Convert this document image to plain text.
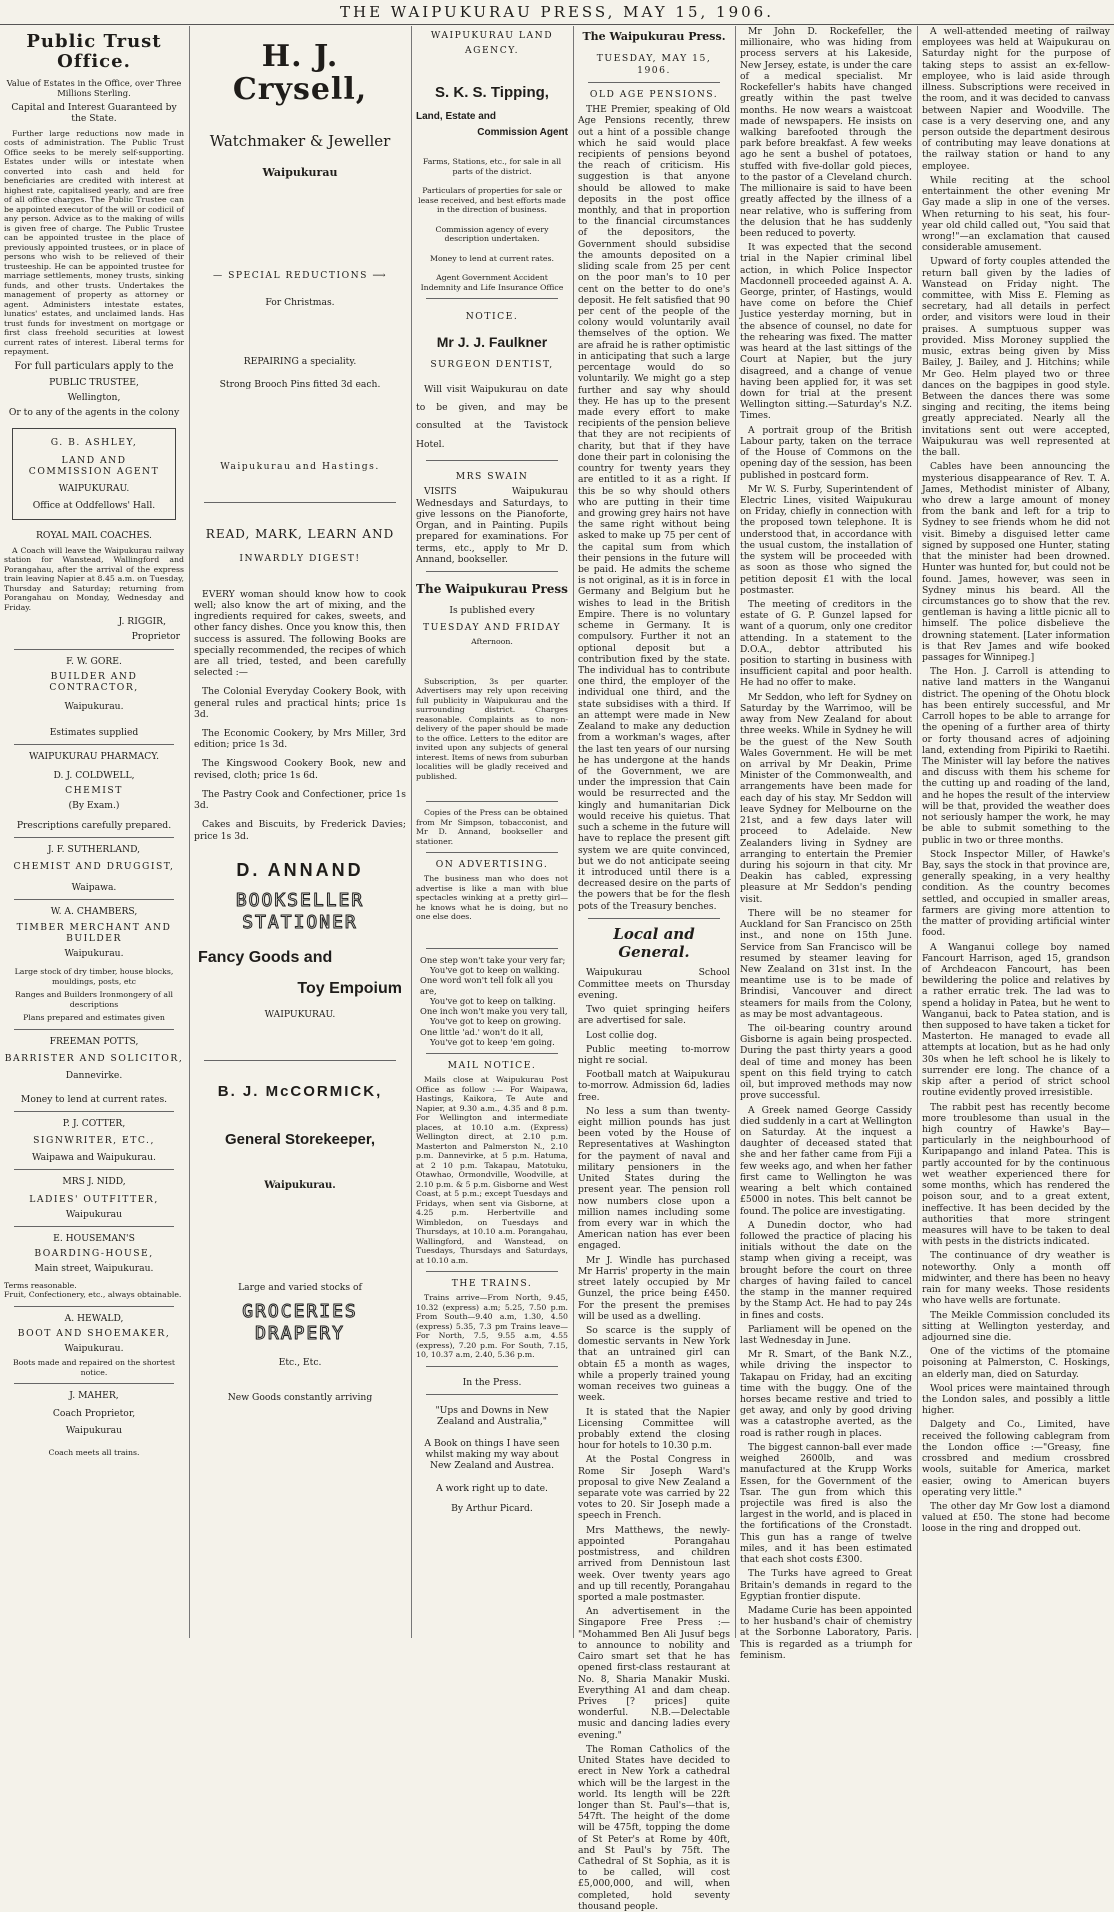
THE WAIPUKURAU PRESS, MAY 15, 1906.
Public Trust Office.
Value of Estates in the Office, over Three Millions Sterling.
Capital and Interest Guaranteed by the State.

Further large reductions now made in costs of administration. The Public Trust Office seeks to be merely self-supporting. Estates under wills or intestate when converted into cash and held for beneficiaries are credited with interest at highest rate, capitalised yearly, and are free of all office charges. The Public Trustee can be appointed executor of the will or codicil of any person. Advice as to the making of wills is given free of charge. The Public Trustee can be appointed trustee in the place of previously appointed trustees, or in place of persons who wish to be relieved of their trusteeship. He can be appointed trustee for marriage settlements, money trusts, sinking funds, and other trusts. Undertakes the management of property as attorney or agent. Administers intestate estates, lunatics' estates, and unclaimed lands. Has trust funds for investment on mortgage or first class freehold securities at lowest current rates of interest. Liberal terms for repayment.

For full particulars apply to the
PUBLIC TRUSTEE,
Wellington,
Or to any of the agents in the colony
G. B. ASHLEY,
LAND AND
COMMISSION AGENT
WAIPUKURAU.
Office at Oddfellows' Hall.
ROYAL MAIL COACHES.

A Coach will leave the Waipukurau railway station for Wanstead, Wallingford and Porangahau, after the arrival of the express train leaving Napier at 8.45 a.m. on Tuesday, Thursday and Saturday; returning from Porangahau on Monday, Wednesday and Friday.

J. RIGGIR,
Proprietor
F. W. GORE.
BUILDER AND CONTRACTOR,
Waipukurau.
Estimates supplied
WAIPUKURAU PHARMACY.
D. J. COLDWELL,
CHEMIST
(By Exam.)
Prescriptions carefully prepared.
J. F. SUTHERLAND,
CHEMIST AND DRUGGIST,
Waipawa.
W. A. CHAMBERS,
TIMBER MERCHANT AND BUILDER
Waipukurau.
Large stock of dry timber, house blocks, mouldings, posts, etc
Ranges and Builders Ironmongery of all descriptions
Plans prepared and estimates given
FREEMAN POTTS,
BARRISTER AND SOLICITOR,
Dannevirke.
Money to lend at current rates.
P. J. COTTER,
SIGNWRITER, ETC.,
Waipawa and Waipukurau.
MRS J. NIDD,
LADIES' OUTFITTER,
Waipukurau
E. HOUSEMAN'S
BOARDING-HOUSE,
Main street, Waipukurau.
Terms reasonable.
Fruit, Confectionery, etc., always obtainable.
A. HEWALD,
BOOT AND SHOEMAKER,
Waipukurau.
Boots made and repaired on the shortest notice.
J. MAHER,
Coach Proprietor,
Waipukurau
Coach meets all trains.
H. J. Crysell,
Watchmaker & Jeweller
Waipukurau
— SPECIAL REDUCTIONS ⟶
For Christmas.
REPAIRING a speciality.
Strong Brooch Pins fitted 3d each.
Waipukurau and Hastings.
READ, MARK, LEARN AND
INWARDLY DIGEST!

EVERY woman should know how to cook well; also know the art of mixing, and the ingredients required for cakes, sweets, and other fancy dishes. Once you know this, then success is assured. The following Books are specially recommended, the recipes of which are all tried, tested, and been carefully selected :—

The Colonial Everyday Cookery Book, with general rules and practical hints; price 1s 3d.

The Economic Cookery, by Mrs Miller, 3rd edition; price 1s 3d.

The Kingswood Cookery Book, new and revised, cloth; price 1s 6d.

The Pastry Cook and Confectioner, price 1s 3d.

Cakes and Biscuits, by Frederick Davies; price 1s 3d.

D. ANNAND
BOOKSELLER
STATIONER
Fancy Goods and
Toy Empoium
WAIPUKURAU.
B. J. McCORMICK,
General Storekeeper,
Waipukurau.
Large and varied stocks of
GROCERIES
DRAPERY
Etc., Etc.
New Goods constantly arriving
WAIPUKURAU LAND
AGENCY.
S. K. S. Tipping,
Land, Estate and
Commission Agent
Farms, Stations, etc., for sale in all parts of the district.
Particulars of properties for sale or lease received, and best efforts made in the direction of business.
Commission agency of every description undertaken.
Money to lend at current rates.
Agent Government Accident Indemnity and Life Insurance Office
NOTICE.
Mr J. J. Faulkner
SURGEON DENTIST,

Will visit Waipukurau on date to be given, and may be consulted at the Tavistock Hotel.

MRS SWAIN

VISITS Waipukurau Wednesdays and Saturdays, to give lessons on the Pianoforte, Organ, and in Painting. Pupils prepared for examinations. For terms, etc., apply to Mr D. Annand, bookseller.

The Waipukurau Press
Is published every
TUESDAY AND FRIDAY
Afternoon.

Subscription, 3s per quarter. Advertisers may rely upon receiving full publicity in Waipukurau and the surrounding district. Charges reasonable. Complaints as to non-delivery of the paper should be made to the office. Letters to the editor are invited upon any subjects of general interest. Items of news from suburban localities will be gladly received and published.

Copies of the Press can be obtained from Mr Simpson, tobacconist, and Mr D. Annand, bookseller and stationer.

ON ADVERTISING.

The business man who does not advertise is like a man with blue spectacles winking at a pretty girl—he knows what he is doing, but no one else does.

One step won't take your very far;
You've got to keep on walking.
One word won't tell folk all you are,
You've got to keep on talking.
One inch won't make you very tall,
You've got to keep on growing.
One little 'ad.' won't do it all,
You've got to keep 'em going.
MAIL NOTICE.

Mails close at Waipukurau Post Office as follow :— For Waipawa, Hastings, Kaikora, Te Aute and Napier, at 9.30 a.m., 4.35 and 8 p.m. For Wellington and intermediate places, at 10.10 a.m. (Express) Wellington direct, at 2.10 p.m. Masterton and Palmerston N., 2.10 p.m. Dannevirke, at 5 p.m. Hatuma, at 2 10 p.m. Takapau, Matotuku, Otawhao, Ormondville, Woodville, at 2.10 p.m. & 5 p.m. Gisborne and West Coast, at 5 p.m.; except Tuesdays and Fridays, when sent via Gisborne, at 4.25 p.m. Herbertville and Wimbledon, on Tuesdays and Thursdays, at 10.10 a.m. Porangahau, Wallingford, and Wanstead, on Tuesdays, Thursdays and Saturdays, at 10.10 a.m.

THE TRAINS.

Trains arrive—From North, 9.45, 10.32 (express) a.m; 5.25, 7.50 p.m. From South—9.40 a.m, 1.30, 4.50 (express) 5.35, 7.3 pm Trains leave—For North, 7.5, 9.55 a.m, 4.55 (express), 7.20 p.m. For South, 7.15, 10, 10.37 a.m, 2.40, 5.36 p.m.

In the Press.
"Ups and Downs in New Zealand and Australia,"
A Book on things I have seen whilst making my way about New Zealand and Austrea.
A work right up to date.
By Arthur Picard.
The Waipukurau Press.
TUESDAY, MAY 15, 1906.
OLD AGE PENSIONS.

THE Premier, speaking of Old Age Pensions recently, threw out a hint of a possible change which he said would place recipients of pensions beyond the reach of criticism. His suggestion is that anyone should be allowed to make deposits in the post office monthly, and that in proportion to the financial circumstances of the depositors, the Government should subsidise the amounts deposited on a sliding scale from 25 per cent on the poor man's to 10 per cent on the better to do one's deposit. He felt satisfied that 90 per cent of the people of the colony would voluntarily avail themselves of the option. We are afraid he is rather optimistic in anticipating that such a large percentage would do so voluntarily. We might go a step further and say why should they. He has up to the present made every effort to make recipients of the pension believe that they are not recipients of charity, but that if they have done their part in colonising the country for twenty years they are entitled to it as a right. If this be so why should others who are putting in their time and growing grey hairs not have the same right without being asked to make up 75 per cent of the capital sum from which their pensions in the future will be paid. He admits the scheme is not original, as it is in force in Germany and Belgium but he wishes to lead in the British Empire. There is no voluntary scheme in Germany. It is compulsory. Further it not an optional deposit but a contribution fixed by the state. The individual has to contribute one third, the employer of the individual one third, and the state subsidises with a third. If an attempt were made in New Zealand to make any deduction from a workman's wages, after the last ten years of our nursing he has undergone at the hands of the Government, we are under the impression that Cain would be resurrected and the kingly and humanitarian Dick would receive his quietus. That such a scheme in the future will have to replace the present gift system we are quite convinced, but we do not anticipate seeing it introduced until there is a decreased desire on the parts of the powers that be for the flesh pots of the Treasury benches.

Local and General.

Waipukurau School Committee meets on Thursday evening.

Two quiet springing heifers are advertised for sale.

Lost collie dog.

Public meeting to-morrow night re social.

Football match at Waipukurau to-morrow. Admission 6d, ladies free.

No less a sum than twenty-eight million pounds has just been voted by the House of Representatives at Washington for the payment of naval and military pensioners in the United States during the present year. The pension roll now numbers close upon a million names including some from every war in which the American nation has ever been engaged.

Mr J. Windle has purchased Mr Harris' property in the main street lately occupied by Mr Gunzel, the price being £450. For the present the premises will be used as a dwelling.

So scarce is the supply of domestic servants in New York that an untrained girl can obtain £5 a month as wages, while a properly trained young woman receives two guineas a week.

It is stated that the Napier Licensing Committee will probably extend the closing hour for hotels to 10.30 p.m.

At the Postal Congress in Rome Sir Joseph Ward's proposal to give New Zealand a separate vote was carried by 22 votes to 20. Sir Joseph made a speech in French.

Mrs Matthews, the newly-appointed Porangahau postmistress, and children arrived from Dennistoun last week. Over twenty years ago and up till recently, Porangahau sported a male postmaster.

An advertisement in the Singapore Free Press :— "Mohammed Ben Ali Jusuf begs to announce to nobility and Cairo smart set that he has opened first-class restaurant at No. 8, Sharia Manakir Muski. Everything A1 and dam cheap. Prives [? prices] quite wonderful. N.B.—Delectable music and dancing ladies every evening."

The Roman Catholics of the United States have decided to erect in New York a cathedral which will be the largest in the world. Its length will be 22ft longer than St. Paul's—that is, 547ft. The height of the dome will be 475ft, topping the dome of St Peter's at Rome by 40ft, and St Paul's by 75ft. The Cathedral of St Sophia, as it is to be called, will cost £5,000,000, and will, when completed, hold seventy thousand people.

Mr John D. Rockefeller, the millionaire, who was hiding from process servers at his Lakeside, New Jersey, estate, is under the care of a medical specialist. Mr Rockefeller's habits have changed greatly within the past twelve months. He now wears a waistcoat made of newspapers. He insists on walking barefooted through the park before breakfast. A few weeks ago he sent a bushel of potatoes, stuffed with five-dollar gold pieces, to the pastor of a Cleveland church. The millionaire is said to have been greatly affected by the illness of a near relative, who is suffering from the delusion that he has suddenly been reduced to poverty.

It was expected that the second trial in the Napier criminal libel action, in which Police Inspector Macdonnell proceeded against A. A. George, printer, of Hastings, would have come on before the Chief Justice yesterday morning, but in the absence of counsel, no date for the rehearing was fixed. The matter was heard at the last sittings of the Court at Napier, but the jury disagreed, and a change of venue having been applied for, it was set down for trial at the present Wellington sitting.—Saturday's N.Z. Times.

A portrait group of the British Labour party, taken on the terrace of the House of Commons on the opening day of the session, has been published in postcard form.

Mr W. S. Furby, Superintendent of Electric Lines, visited Waipukurau on Friday, chiefly in connection with the proposed town telephone. It is understood that, in accordance with the usual custom, the installation of the system will be proceeded with as soon as those who signed the petition deposit £1 with the local postmaster.

The meeting of creditors in the estate of G. P. Gunzel lapsed for want of a quorum, only one creditor attending. In a statement to the D.O.A., debtor attributed his position to starting in business with insufficient capital and poor health. He had no offer to make.

Mr Seddon, who left for Sydney on Saturday by the Warrimoo, will be away from New Zealand for about three weeks. While in Sydney he will be the guest of the New South Wales Government. He will be met on arrival by Mr Deakin, Prime Minister of the Commonwealth, and arrangements have been made for each day of his stay. Mr Seddon will leave Sydney for Melbourne on the 21st, and a few days later will proceed to Adelaide. New Zealanders living in Sydney are arranging to entertain the Premier during his sojourn in that city. Mr Deakin has cabled, expressing pleasure at Mr Seddon's pending visit.

There will be no steamer for Auckland for San Francisco on 25th inst., and none on 15th June. Service from San Francisco will be resumed by steamer leaving for New Zealand on 31st inst. In the meantime use is to be made of Brindisi, Vancouver and direct steamers for mails from the Colony, as may be most advantageous.

The oil-bearing country around Gisborne is again being prospected. During the past thirty years a good deal of time and money has been spent on this field trying to catch oil, but improved methods may now prove successful.

A Greek named George Cassidy died suddenly in a cart at Wellington on Saturday. At the inquest a daughter of deceased stated that she and her father came from Fiji a few weeks ago, and when her father first came to Wellington he was wearing a belt which contained £5000 in notes. This belt cannot be found. The police are investigating.

A Dunedin doctor, who had followed the practice of placing his initials without the date on the stamp when giving a receipt, was brought before the court on three charges of having failed to cancel the stamp in the manner required by the Stamp Act. He had to pay 24s in fines and costs.

Parliament will be opened on the last Wednesday in June.

Mr R. Smart, of the Bank N.Z., while driving the inspector to Takapau on Friday, had an exciting time with the buggy. One of the horses became restive and tried to get away, and only by good driving was a catastrophe averted, as the road is rather rough in places.

The biggest cannon-ball ever made weighed 2600lb, and was manufactured at the Krupp Works Essen, for the Government of the Tsar. The gun from which this projectile was fired is also the largest in the world, and is placed in the fortifications of the Cronstadt. This gun has a range of twelve miles, and it has been estimated that each shot costs £300.

The Turks have agreed to Great Britain's demands in regard to the Egyptian frontier dispute.

Madame Curie has been appointed to her husband's chair of chemistry at the Sorbonne Laboratory, Paris. This is regarded as a triumph for feminism.

A well-attended meeting of railway employees was held at Waipukurau on Saturday night for the purpose of taking steps to assist an ex-fellow-employee, who is laid aside through illness. Subscriptions were received in the room, and it was decided to canvass between Napier and Woodville. The case is a very deserving one, and any person outside the department desirous of contributing may leave donations at the railway station or hand to any employee.

While reciting at the school entertainment the other evening Mr Gay made a slip in one of the verses. When returning to his seat, his four-year old child called out, "You said that wrong!"—an exclamation that caused considerable amusement.

Upward of forty couples attended the return ball given by the ladies of Wanstead on Friday night. The committee, with Miss E. Fleming as secretary, had all details in perfect order, and visitors were loud in their praises. A sumptuous supper was provided. Miss Moroney supplied the music, extras being given by Miss Bailey, J. Bailey, and J. Hitchins; while Mr Geo. Helm played two or three dances on the bagpipes in good style. Between the dances there was some singing and reciting, the items being greatly appreciated. Nearly all the invitations sent out were accepted, Waipukurau was well represented at the ball.

Cables have been announcing the mysterious disappearance of Rev. T. A. James, Methodist minister of Albany, who drew a large amount of money from the bank and left for a trip to Sydney to see friends whom he did not visit. Bimeby a disguised letter came signed by supposed one Hunter, stating that the minister had been drowned. Hunter was hunted for, but could not be found. James, however, was seen in Sydney minus his beard. All the circumstances go to show that the rev. gentleman is having a little picnic all to himself. The police disbelieve the drowning statement. [Later information is that Rev James and wife booked passages for Winnipeg.]

The Hon. J. Carroll is attending to native land matters in the Wanganui district. The opening of the Ohotu block has been entirely successful, and Mr Carroll hopes to be able to arrange for the opening of a further area of thirty or forty thousand acres of adjoining land, extending from Pipiriki to Raetihi. The Minister will lay before the natives and discuss with them his scheme for the cutting up and roading of the land, and he hopes the result of the interview will be that, provided the weather does not seriously hamper the work, he may be able to submit something to the public in two or three months.

Stock Inspector Miller, of Hawke's Bay, says the stock in that province are, generally speaking, in a very healthy condition. As the country becomes settled, and occupied in smaller areas, farmers are giving more attention to the matter of providing artificial winter food.

A Wanganui college boy named Fancourt Harrison, aged 15, grandson of Archdeacon Fancourt, has been bewildering the police and relatives by a rather erratic trek. The lad was to spend a holiday in Patea, but he went to Wanganui, back to Patea station, and is then supposed to have taken a ticket for Masterton. He managed to evade all attempts at location, but as he had only 30s when he left school he is likely to surrender ere long. The chance of a skip after a period of strict school routine evidently proved irresistible.

The rabbit pest has recently become more troublesome than usual in the high country of Hawke's Bay—particularly in the neighbourhood of Kuripapango and inland Patea. This is partly accounted for by the continuous wet weather experienced there for some months, which has rendered the poison sour, and to a great extent, ineffective. It has been decided by the authorities that more stringent measures will have to be taken to deal with pests in the districts indicated.

The continuance of dry weather is noteworthy. Only a month off midwinter, and there has been no heavy rain for many weeks. Those residents who have wells are fortunate.

The Meikle Commission concluded its sitting at Wellington yesterday, and adjourned sine die.

One of the victims of the ptomaine poisoning at Palmerston, C. Hoskings, an elderly man, died on Saturday.

Wool prices were maintained through the London sales, and possibly a little higher.

Dalgety and Co., Limited, have received the following cablegram from the London office :—"Greasy, fine crossbred and medium crossbred wools, suitable for America, market easier, owing to American buyers operating very little."

The other day Mr Gow lost a diamond valued at £50. The stone had become loose in the ring and dropped out.
